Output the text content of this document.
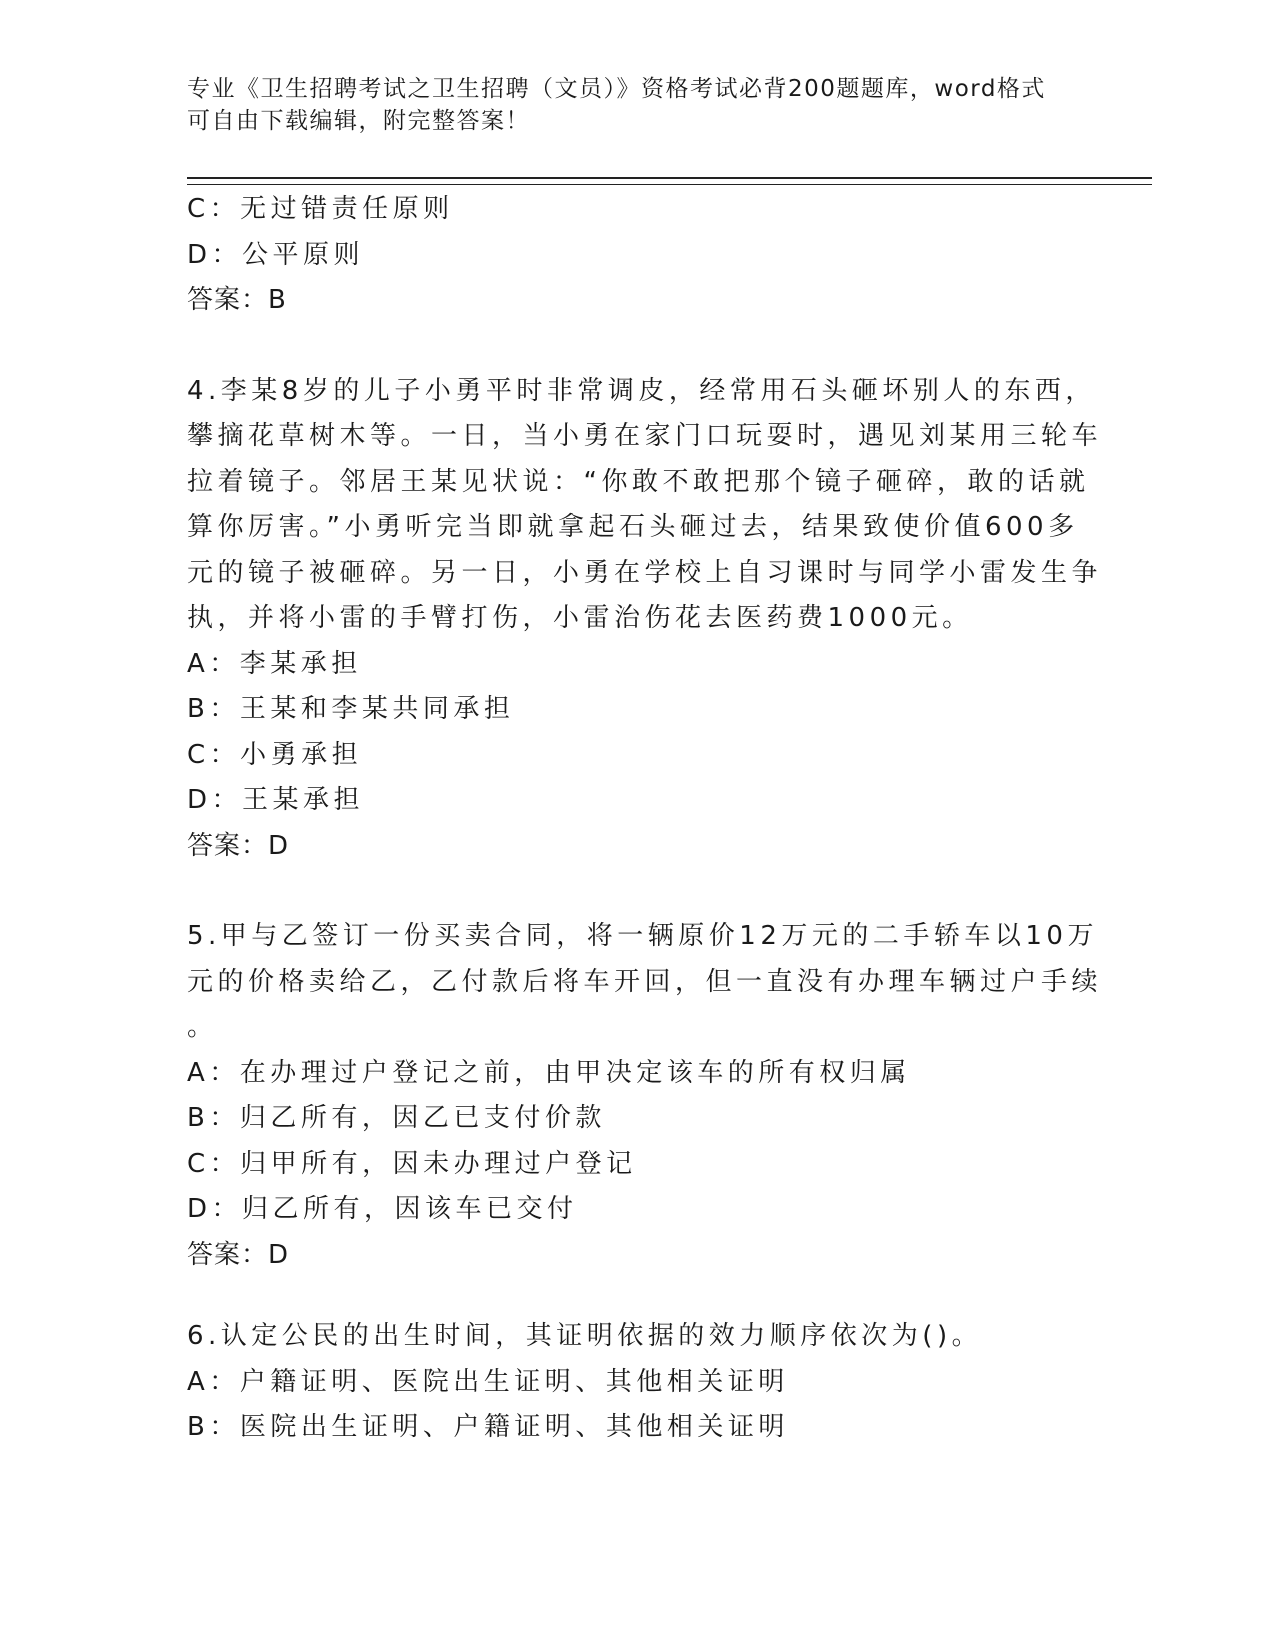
专业《卫生招聘考试之卫生招聘（文员）》资格考试必背200题题库，word格式
可自由下载编辑，附完整答案！
C：无过错责任原则
D：公平原则
答案：B
4.李某8岁的儿子小勇平时非常调皮，经常用石头砸坏别人的东西，
攀摘花草树木等。一日，当小勇在家门口玩耍时，遇见刘某用三轮车
拉着镜子。邻居王某见状说：“你敢不敢把那个镜子砸碎，敢的话就
算你厉害。”小勇听完当即就拿起石头砸过去，结果致使价值600多
元的镜子被砸碎。另一日，小勇在学校上自习课时与同学小雷发生争
执，并将小雷的手臂打伤，小雷治伤花去医药费1000元。
A：李某承担
B：王某和李某共同承担
C：小勇承担
D：王某承担
答案：D
5.甲与乙签订一份买卖合同，将一辆原价12万元的二手轿车以10万
元的价格卖给乙，乙付款后将车开回，但一直没有办理车辆过户手续
。
A：在办理过户登记之前，由甲决定该车的所有权归属
B：归乙所有，因乙已支付价款
C：归甲所有，因未办理过户登记
D：归乙所有，因该车已交付
答案：D
6.认定公民的出生时间，其证明依据的效力顺序依次为()。
A：户籍证明、医院出生证明、其他相关证明
B：医院出生证明、户籍证明、其他相关证明
